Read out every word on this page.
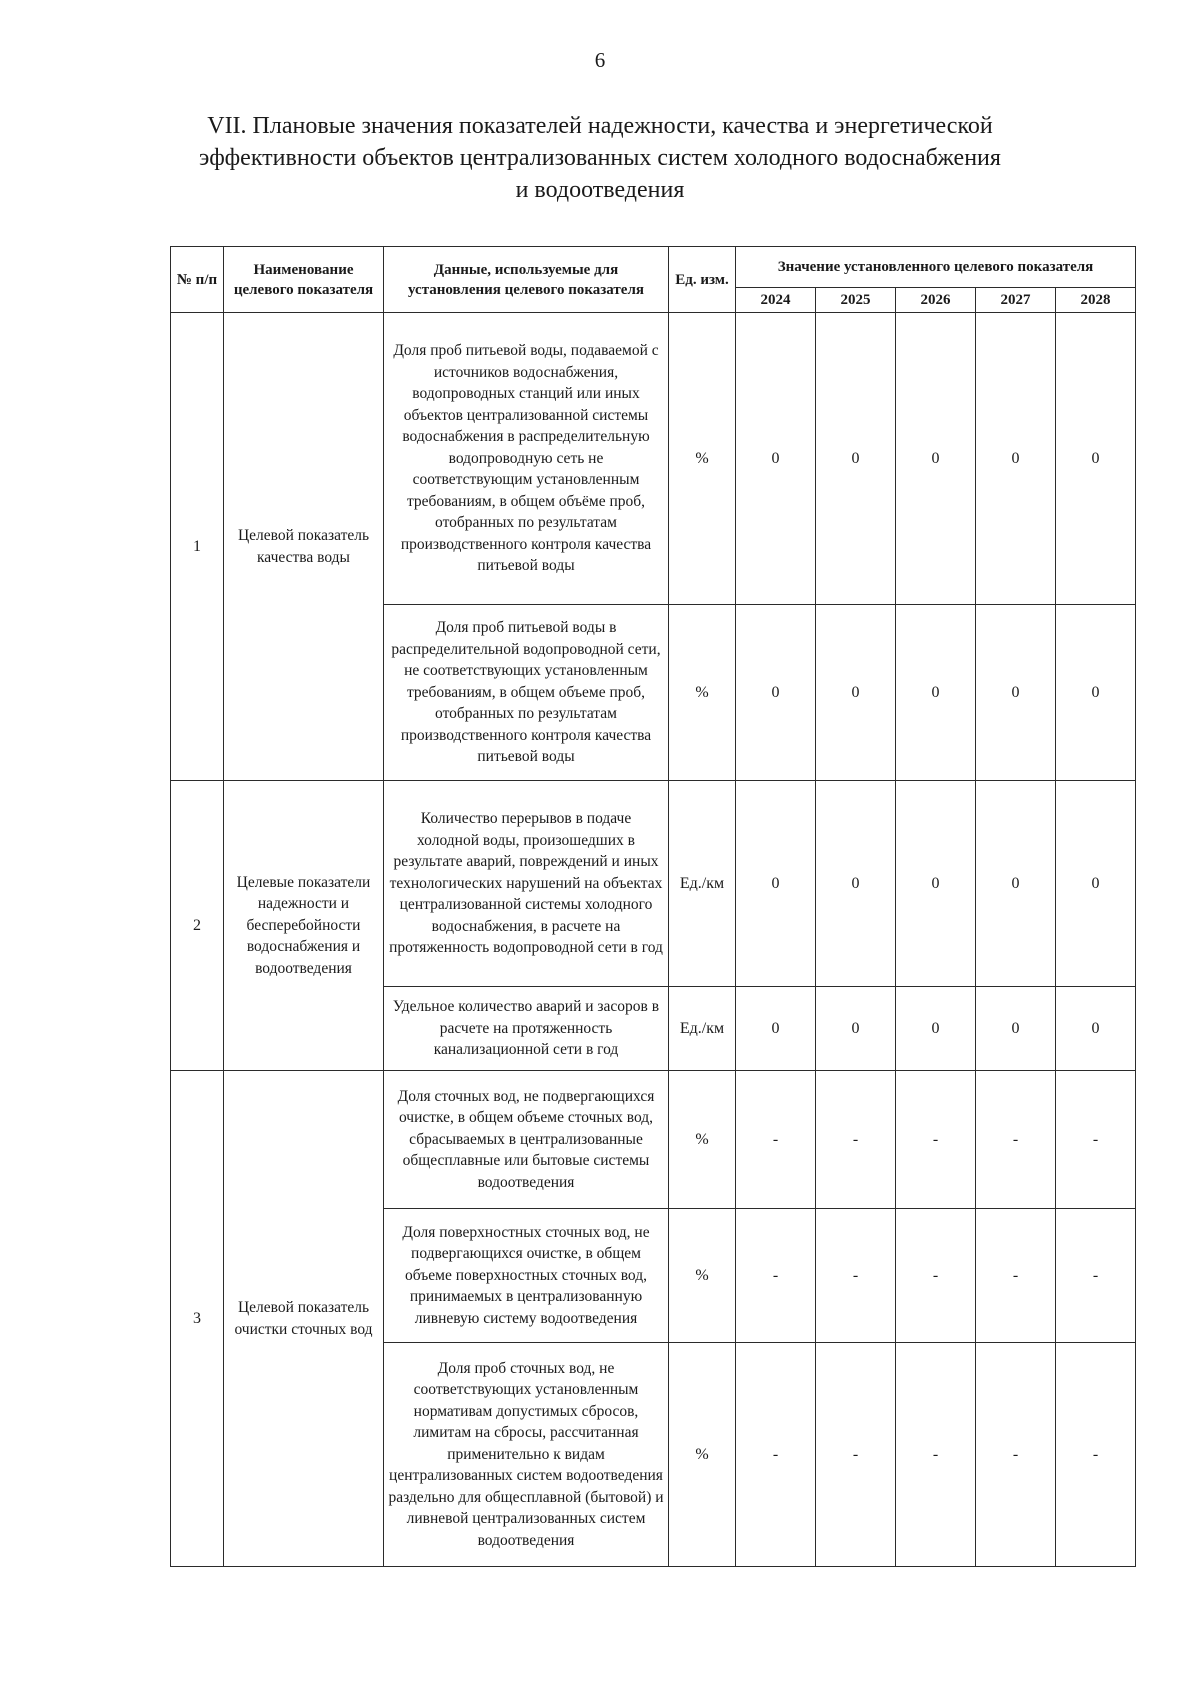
6
VII. Плановые значения показателей надежности, качества и энергетической
эффективности объектов централизованных систем холодного водоснабжения
и водоотведения
№ п/п	Наименование целевого показателя	Данные, используемые для установления целевого показателя	Ед. изм.	Значение установленного целевого показателя				
				2024	2025	2026	2027	2028
1	Целевой показатель качества воды	Доля проб питьевой воды, подаваемой с источников водоснабжения, водопроводных станций или иных объектов централизованной системы водоснабжения в распределительную водопроводную сеть не соответствующим установленным требованиям, в общем объёме проб, отобранных по результатам производственного контроля качества питьевой воды	%	0	0	0	0	0
		Доля проб питьевой воды в распределительной водопроводной сети, не соответствующих установленным требованиям, в общем объеме проб, отобранных по результатам производственного контроля качества питьевой воды	%	0	0	0	0	0
2	Целевые показатели надежности и бесперебойности водоснабжения и водоотведения	Количество перерывов в подаче холодной воды, произошедших в результате аварий, повреждений и иных технологических нарушений на объектах централизованной системы холодного водоснабжения, в расчете на протяженность водопроводной сети в год	Ед./км	0	0	0	0	0
		Удельное количество аварий и засоров в расчете на протяженность канализационной сети в год	Ед./км	0	0	0	0	0
3	Целевой показатель очистки сточных вод	Доля сточных вод, не подвергающихся очистке, в общем объеме сточных вод, сбрасываемых в централизованные общесплавные или бытовые системы водоотведения	%	-	-	-	-	-
		Доля поверхностных сточных вод, не подвергающихся очистке, в общем объеме поверхностных сточных вод, принимаемых в централизованную ливневую систему водоотведения	%	-	-	-	-	-
		Доля проб сточных вод, не соответствующих установленным нормативам допустимых сбросов, лимитам на сбросы, рассчитанная применительно к видам централизованных систем водоотведения раздельно для общесплавной (бытовой) и ливневой централизованных систем водоотведения	%	-	-	-	-	-
